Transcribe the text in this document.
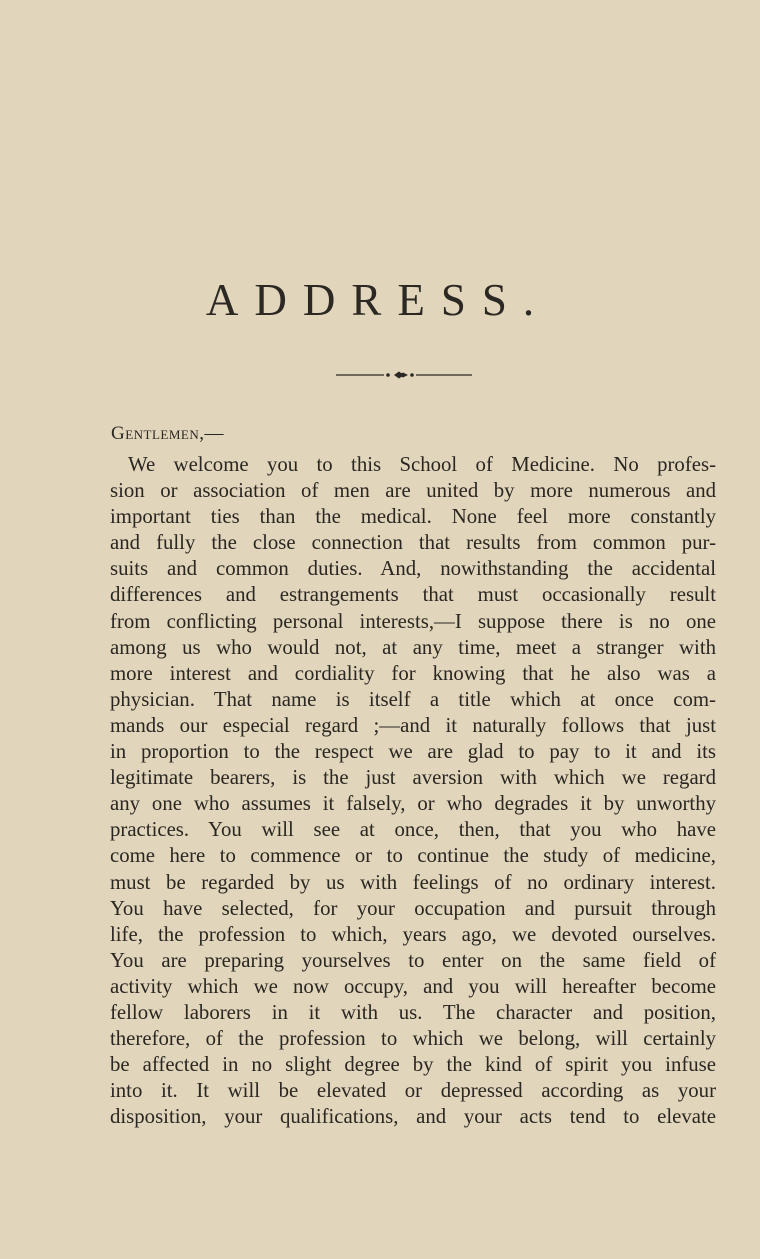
ADDRESS.
Gentlemen,—
We welcome you to this School of Medicine. No profes-
sion or association of men are united by more numerous and
important ties than the medical. None feel more constantly
and fully the close connection that results from common pur-
suits and common duties. And, nowithstanding the accidental
differences and estrangements that must occasionally result
from conflicting personal interests,—I suppose there is no one
among us who would not, at any time, meet a stranger with
more interest and cordiality for knowing that he also was a
physician. That name is itself a title which at once com-
mands our especial regard ;—and it naturally follows that just
in proportion to the respect we are glad to pay to it and its
legitimate bearers, is the just aversion with which we regard
any one who assumes it falsely, or who degrades it by unworthy
practices. You will see at once, then, that you who have
come here to commence or to continue the study of medicine,
must be regarded by us with feelings of no ordinary interest.
You have selected, for your occupation and pursuit through
life, the profession to which, years ago, we devoted ourselves.
You are preparing yourselves to enter on the same field of
activity which we now occupy, and you will hereafter become
fellow laborers in it with us. The character and position,
therefore, of the profession to which we belong, will certainly
be affected in no slight degree by the kind of spirit you infuse
into it. It will be elevated or depressed according as your
disposition, your qualifications, and your acts tend to elevate
